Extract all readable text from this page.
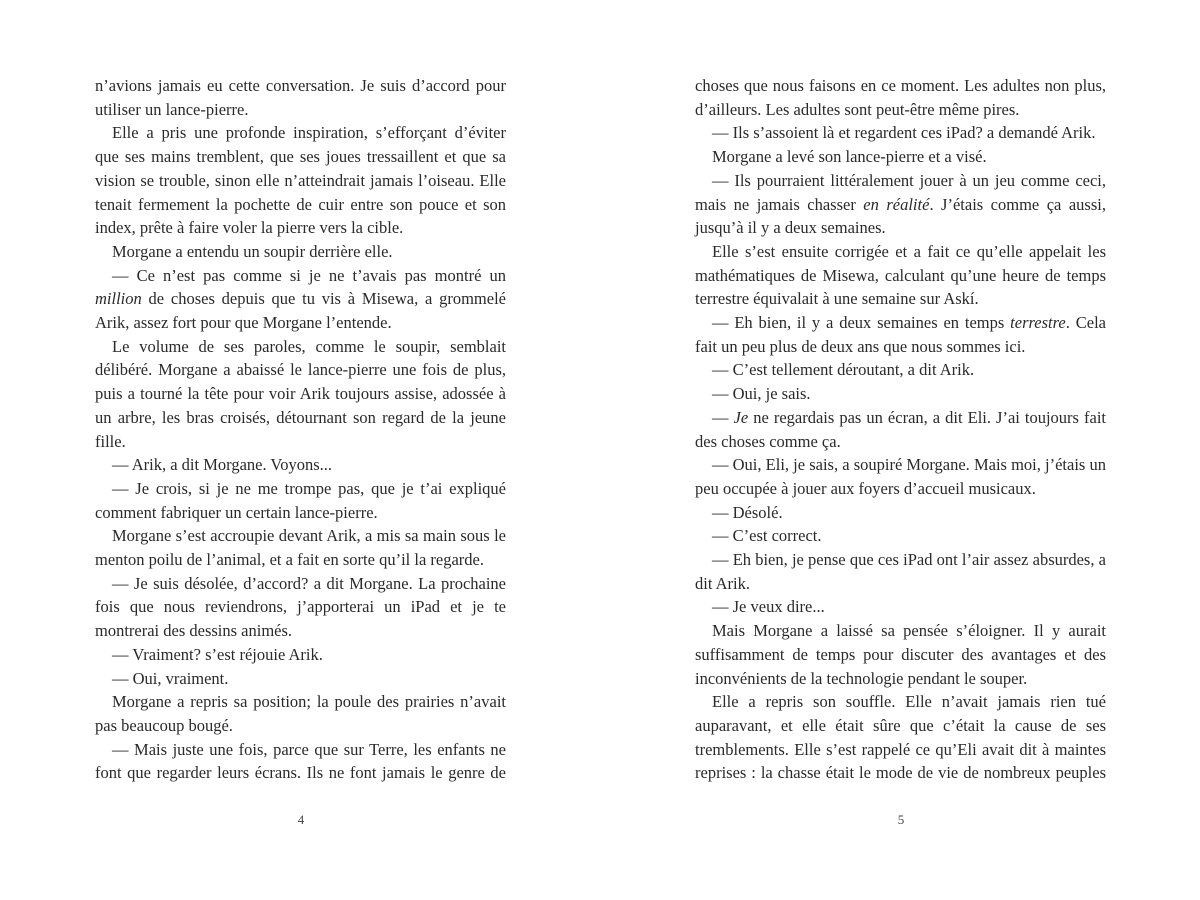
n’avions jamais eu cette conversation. Je suis d’accord pour utiliser un lance-pierre.

Elle a pris une profonde inspiration, s’efforçant d’éviter que ses mains tremblent, que ses joues tressaillent et que sa vision se trouble, sinon elle n’atteindrait jamais l’oiseau. Elle tenait fermement la pochette de cuir entre son pouce et son index, prête à faire voler la pierre vers la cible.

Morgane a entendu un soupir derrière elle.

— Ce n’est pas comme si je ne t’avais pas montré un million de choses depuis que tu vis à Misewa, a grommelé Arik, assez fort pour que Morgane l’entende.

Le volume de ses paroles, comme le soupir, semblait délibéré. Morgane a abaissé le lance-pierre une fois de plus, puis a tourné la tête pour voir Arik toujours assise, adossée à un arbre, les bras croisés, détournant son regard de la jeune fille.

— Arik, a dit Morgane. Voyons...

— Je crois, si je ne me trompe pas, que je t’ai expliqué comment fabriquer un certain lance-pierre.

Morgane s’est accroupie devant Arik, a mis sa main sous le menton poilu de l’animal, et a fait en sorte qu’il la regarde.

— Je suis désolée, d’accord? a dit Morgane. La prochaine fois que nous reviendrons, j’apporterai un iPad et je te montrerai des dessins animés.

— Vraiment? s’est réjouie Arik.

— Oui, vraiment.

Morgane a repris sa position; la poule des prairies n’avait pas beaucoup bougé.

— Mais juste une fois, parce que sur Terre, les enfants ne font que regarder leurs écrans. Ils ne font jamais le genre de

4

choses que nous faisons en ce moment. Les adultes non plus, d’ailleurs. Les adultes sont peut-être même pires.

— Ils s’assoient là et regardent ces iPad? a demandé Arik.

Morgane a levé son lance-pierre et a visé.

— Ils pourraient littéralement jouer à un jeu comme ceci, mais ne jamais chasser en réalité. J’étais comme ça aussi, jusqu’à il y a deux semaines.

Elle s’est ensuite corrigée et a fait ce qu’elle appelait les mathématiques de Misewa, calculant qu’une heure de temps terrestre équivalait à une semaine sur Askí.

— Eh bien, il y a deux semaines en temps terrestre. Cela fait un peu plus de deux ans que nous sommes ici.

— C’est tellement déroutant, a dit Arik.

— Oui, je sais.

— Je ne regardais pas un écran, a dit Eli. J’ai toujours fait des choses comme ça.

— Oui, Eli, je sais, a soupiré Morgane. Mais moi, j’étais un peu occupée à jouer aux foyers d’accueil musicaux.

— Désolé.

— C’est correct.

— Eh bien, je pense que ces iPad ont l’air assez absurdes, a dit Arik.

— Je veux dire...

Mais Morgane a laissé sa pensée s’éloigner. Il y aurait suffisamment de temps pour discuter des avantages et des inconvénients de la technologie pendant le souper.

Elle a repris son souffle. Elle n’avait jamais rien tué auparavant, et elle était sûre que c’était la cause de ses tremblements. Elle s’est rappelé ce qu’Eli avait dit à maintes reprises : la chasse était le mode de vie de nombreux peuples

5
